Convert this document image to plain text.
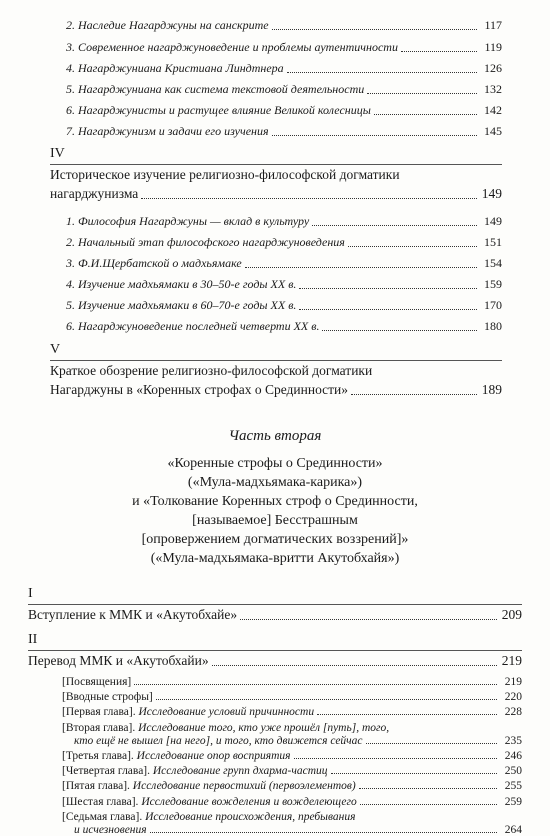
2. Наследие Нагарджуны на санскрите	117
3. Современное нагарджуноведение и проблемы аутентичности	119
4. Нагарджуниана Кристиана Линдтнера	126
5. Нагарджуниана как система текстовой деятельности	132
6. Нагарджунисты и растущее влияние Великой колесницы	142
7. Нагарджунизм и задачи его изучения	145
IV
Историческое изучение религиозно-философской догматики
нагарджунизма	149
1. Философия Нагарджуны — вклад в культуру	149
2. Начальный этап философского нагарджуноведения	151
3. Ф.И.Щербатской о мадхьямаке	154
4. Изучение мадхьямаки в 30–50-е годы XX в.	159
5. Изучение мадхьямаки в 60–70-е годы XX в.	170
6. Нагарджуноведение последней четверти XX в.	180
V
Краткое обозрение религиозно-философской догматики
Нагарджуны в «Коренных строфах о Срединности»	189
Часть вторая
«Коренные строфы о Срединности»
(«Мула-мадхьямака-карика»)
и «Толкование Коренных строф о Срединности,
[называемое] Бесстрашным
[опровержением догматических воззрений]»
(«Мула-мадхьямака-вритти Акутобхайя»)
I
Вступление к ММК и «Акутобхайе»	209
II
Перевод ММК и «Акутобхайи»	219
[Посвящения]	219
[Вводные строфы]	220
[Первая глава]. Исследование условий причинности	228
[Вторая глава]. Исследование того, кто уже прошёл [путь], того,
кто ещё не вышел [на него], и того, кто движется сейчас	235
[Третья глава]. Исследование опор восприятия	246
[Четвертая глава]. Исследование групп дхарма-частиц	250
[Пятая глава]. Исследование первостихий (первоэлементов)	255
[Шестая глава]. Исследование вожделения и вожделеющего	259
[Седьмая глава]. Исследование происхождения, пребывания
и исчезновения	264
